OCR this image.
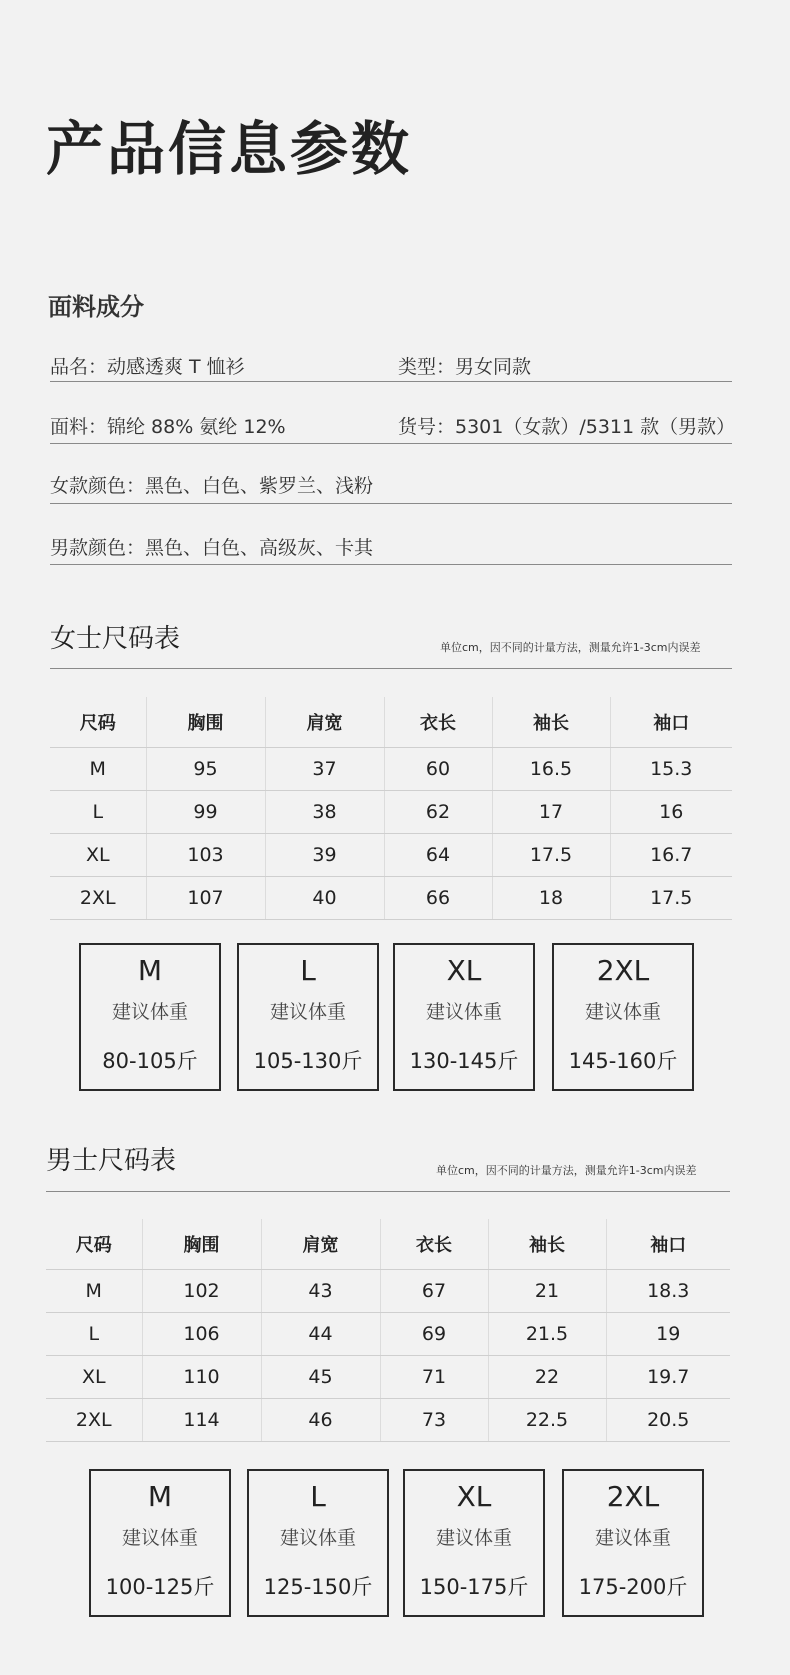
产品信息参数
面料成分
品名：动感透爽 T 恤衫	类型：男女同款
面料：锦纶 88% 氨纶 12%	货号：5301（女款）/5311 款（男款）
女款颜色：黑色、白色、紫罗兰、浅粉
男款颜色：黑色、白色、高级灰、卡其
女士尺码表	单位cm，因不同的计量方法，测量允许1-3cm内误差
尺码	胸围	肩宽	衣长	袖长	袖口
M	95	37	60	16.5	15.3
L	99	38	62	17	16
XL	103	39	64	17.5	16.7
2XL	107	40	66	18	17.5
M
建议体重
80-105斤
L
建议体重
105-130斤
XL
建议体重
130-145斤
2XL
建议体重
145-160斤
男士尺码表	单位cm，因不同的计量方法，测量允许1-3cm内误差
尺码	胸围	肩宽	衣长	袖长	袖口
M	102	43	67	21	18.3
L	106	44	69	21.5	19
XL	110	45	71	22	19.7
2XL	114	46	73	22.5	20.5
M
建议体重
100-125斤
L
建议体重
125-150斤
XL
建议体重
150-175斤
2XL
建议体重
175-200斤
